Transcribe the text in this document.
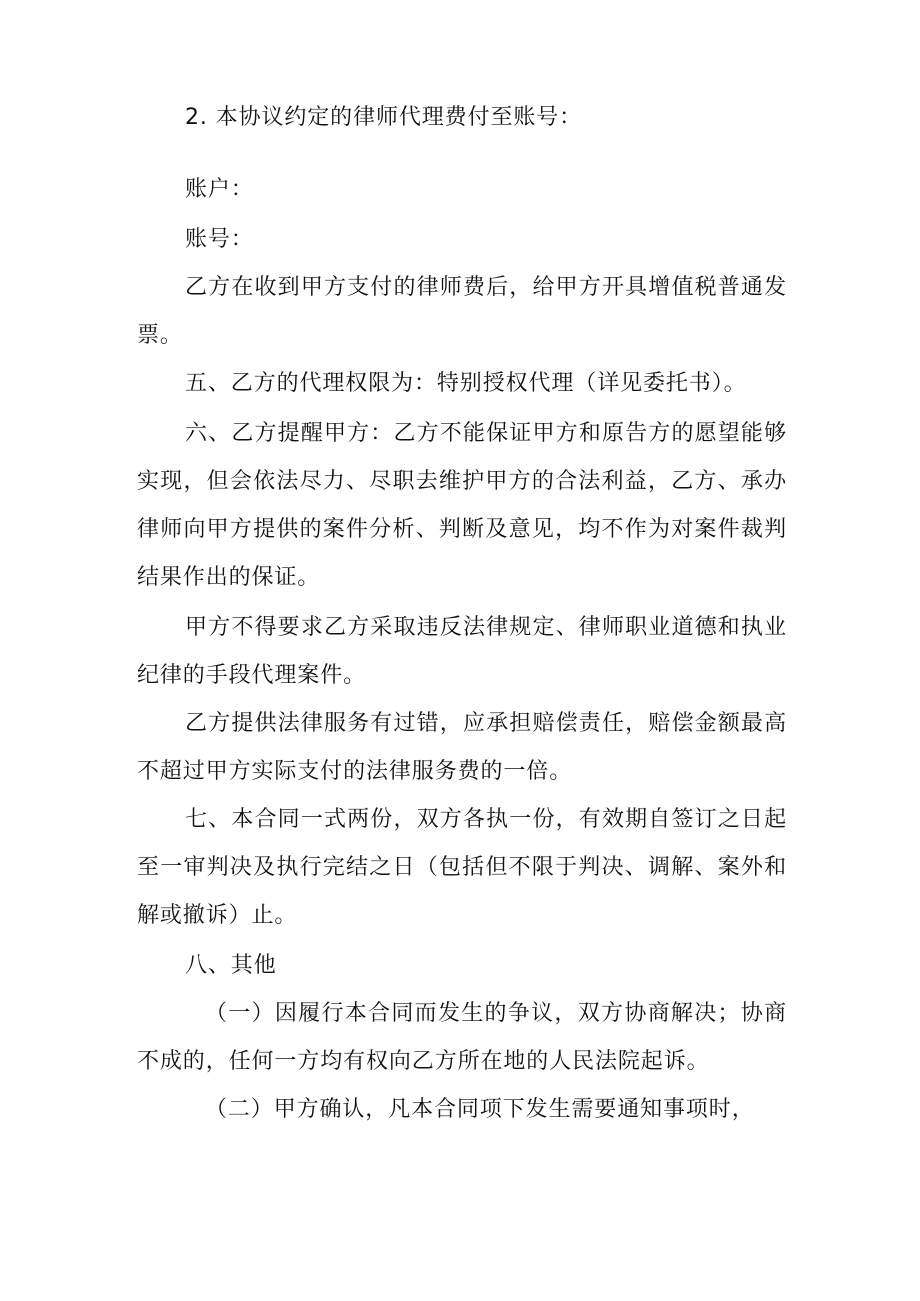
2. 本协议约定的律师代理费付至账号：

账户：

账号：

乙方在收到甲方支付的律师费后，给甲方开具增值税普通发票。

五、乙方的代理权限为：特别授权代理（详见委托书）。

六、乙方提醒甲方：乙方不能保证甲方和原告方的愿望能够实现，但会依法尽力、尽职去维护甲方的合法利益，乙方、承办律师向甲方提供的案件分析、判断及意见，均不作为对案件裁判结果作出的保证。

甲方不得要求乙方采取违反法律规定、律师职业道德和执业纪律的手段代理案件。

乙方提供法律服务有过错，应承担赔偿责任，赔偿金额最高不超过甲方实际支付的法律服务费的一倍。

七、本合同一式两份，双方各执一份，有效期自签订之日起至一审判决及执行完结之日（包括但不限于判决、调解、案外和解或撤诉）止。

八、其他

（一）因履行本合同而发生的争议，双方协商解决；协商不成的，任何一方均有权向乙方所在地的人民法院起诉。

（二）甲方确认，凡本合同项下发生需要通知事项时，
